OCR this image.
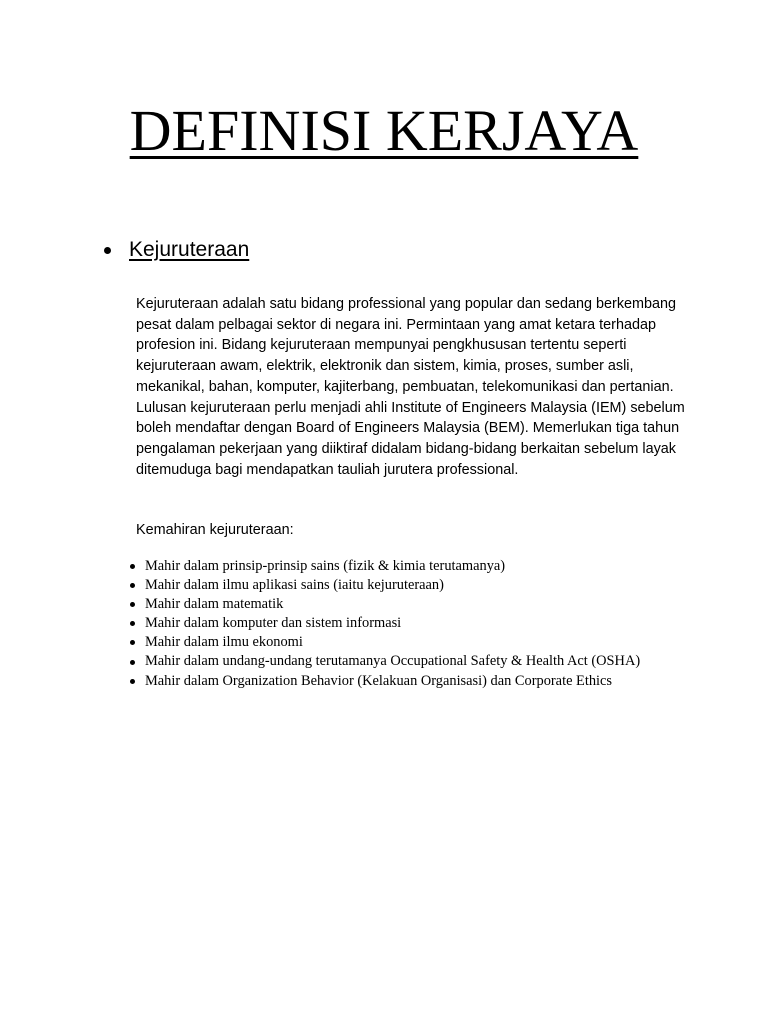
DEFINISI KERJAYA
Kejuruteraan

Kejuruteraan adalah satu bidang professional yang popular dan sedang berkembang pesat dalam pelbagai sektor di negara ini. Permintaan yang amat ketara terhadap profesion ini. Bidang kejuruteraan mempunyai pengkhususan tertentu seperti kejuruteraan awam, elektrik, elektronik dan sistem, kimia, proses, sumber asli, mekanikal, bahan, komputer, kajiterbang, pembuatan, telekomunikasi dan pertanian. Lulusan kejuruteraan perlu menjadi ahli Institute of Engineers Malaysia (IEM) sebelum boleh mendaftar dengan Board of Engineers Malaysia (BEM). Memerlukan tiga tahun pengalaman pekerjaan yang diiktiraf didalam bidang-bidang berkaitan sebelum layak ditemuduga bagi mendapatkan tauliah jurutera professional.

Kemahiran kejuruteraan:

Mahir dalam prinsip-prinsip sains (fizik & kimia terutamanya)
Mahir dalam ilmu aplikasi sains (iaitu kejuruteraan)
Mahir dalam matematik
Mahir dalam komputer dan sistem informasi
Mahir dalam ilmu ekonomi
Mahir dalam undang-undang terutamanya Occupational Safety & Health Act (OSHA)
Mahir dalam Organization Behavior (Kelakuan Organisasi) dan Corporate Ethics
